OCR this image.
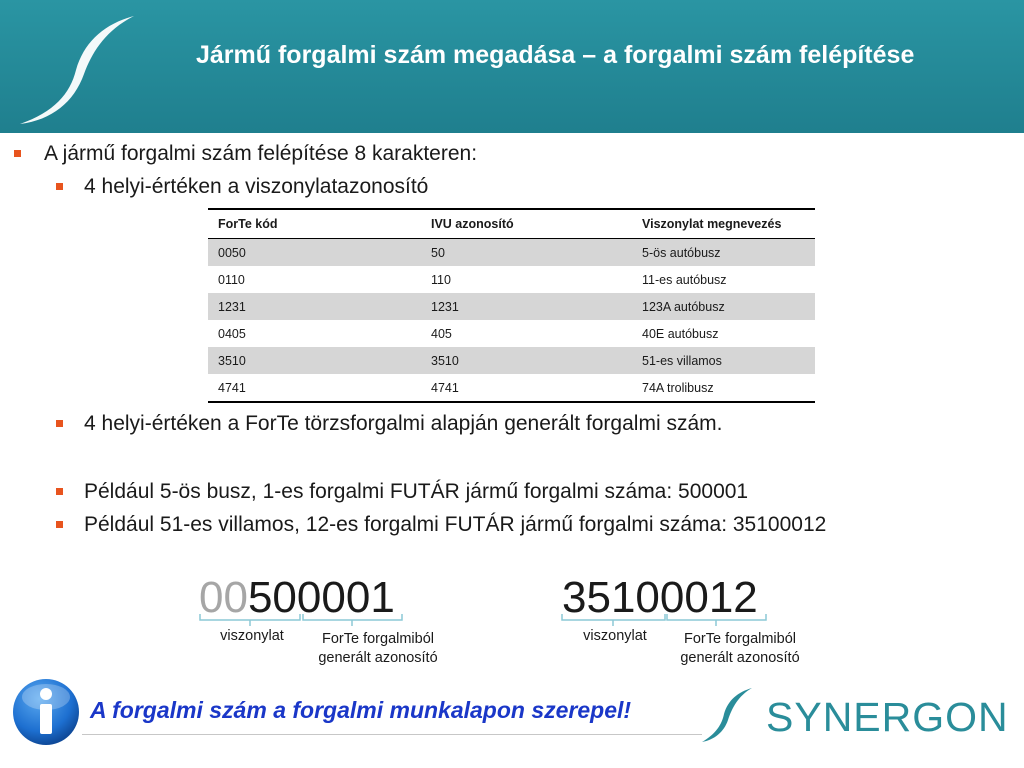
Jármű forgalmi szám megadása – a forgalmi szám felépítése
A jármű forgalmi szám felépítése 8 karakteren:
4 helyi-értéken a viszonylatazonosító
ForTe kód	IVU azonosító	Viszonylat megnevezés
0050	50	5-ös autóbusz
0110	110	11-es autóbusz
1231	1231	123A autóbusz
0405	405	40E autóbusz
3510	3510	51-es villamos
4741	4741	74A trolibusz
4 helyi-értéken a ForTe törzsforgalmi alapján generált forgalmi szám.
Például 5-ös busz, 1-es forgalmi FUTÁR jármű forgalmi száma: 500001
Például 51-es villamos, 12-es forgalmi FUTÁR jármű forgalmi száma: 35100012
00500001	35100012
viszonylat	ForTe forgalmiból
generált azonosító
viszonylat	ForTe forgalmiból
generált azonosító
A forgalmi szám a forgalmi munkalapon szerepel!	SYNERGON
